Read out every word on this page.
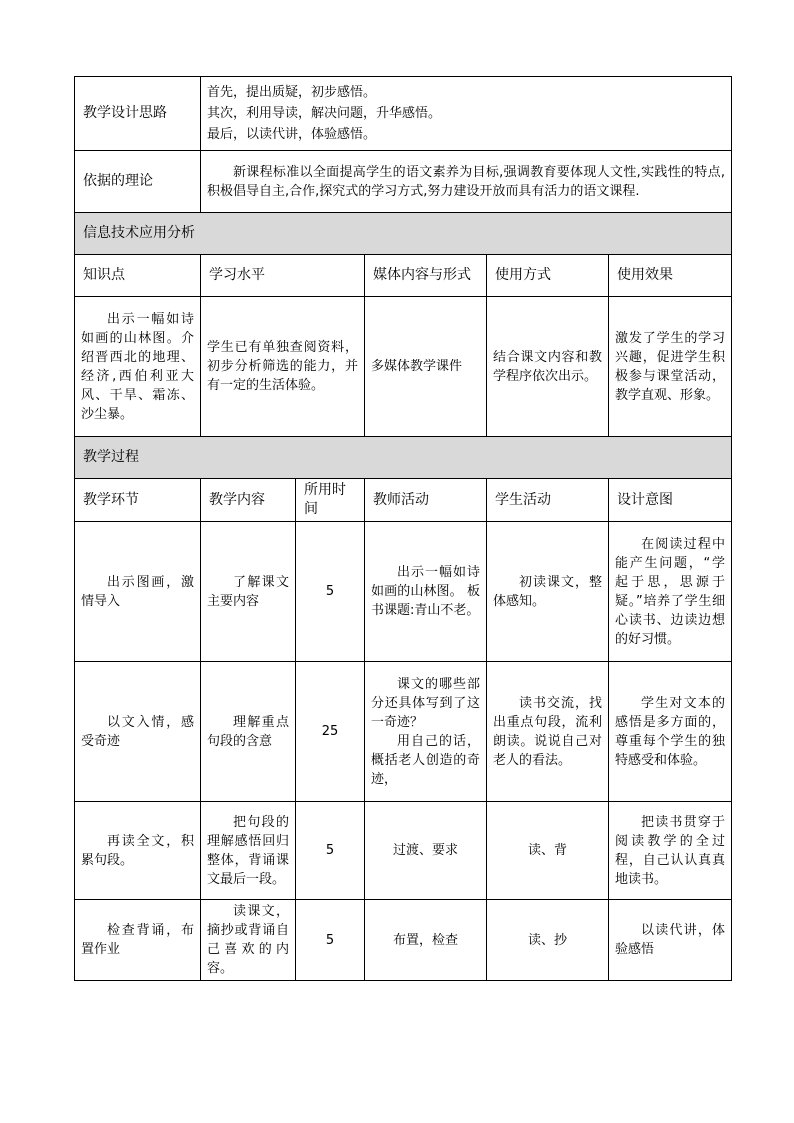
教学设计思路	首先，提出质疑，初步感悟。
其次，利用导读，解决问题，升华感悟。
最后，以读代讲，体验感悟。				

依据的理论	新课程标准以全面提高学生的语文素养为目标,强调教育要体现人文性,实践性的特点,积极倡导自主,合作,探究式的学习方式,努力建设开放而具有活力的语文课程.				
信息技术应用分析					
知识点	学习水平		媒体内容与形式	使用方式	使用效果
出示一幅如诗如画的山林图。介绍晋西北的地理、经济,西伯利亚大风、干旱、霜冻、沙尘暴。	学生已有单独查阅资料，初步分析筛选的能力，并有一定的生活体验。		多媒体教学课件	结合课文内容和教学程序依次出示。	激发了学生的学习兴趣，促进学生积极参与课堂活动，教学直观、形象。
教学过程					
教学环节	教学内容	所用时间	教师活动	学生活动	设计意图
出示图画，激情导入	了解课文主要内容	5	出示一幅如诗如画的山林图。 板书课题:青山不老。	初读课文，整体感知。	在阅读过程中能产生问题，“学起于思，思源于疑。”培养了学生细心读书、边读边想的好习惯。
以文入情，感受奇迹	理解重点句段的含意	25	课文的哪些部分还具体写到了这一奇迹？
用自己的话，概括老人创造的奇迹，	读书交流，找出重点句段，流利朗读。说说自己对老人的看法。	学生对文本的感悟是多方面的，尊重每个学生的独特感受和体验。
再读全文，积累句段。	把句段的理解感悟回归整体，背诵课文最后一段。	5	过渡、要求	读、背	把读书贯穿于阅读教学的全过程，自己认认真真地读书。
检查背诵，布置作业	读课文，摘抄或背诵自己喜欢的内容。	5	布置，检查	读、抄	以读代讲，体验感悟
